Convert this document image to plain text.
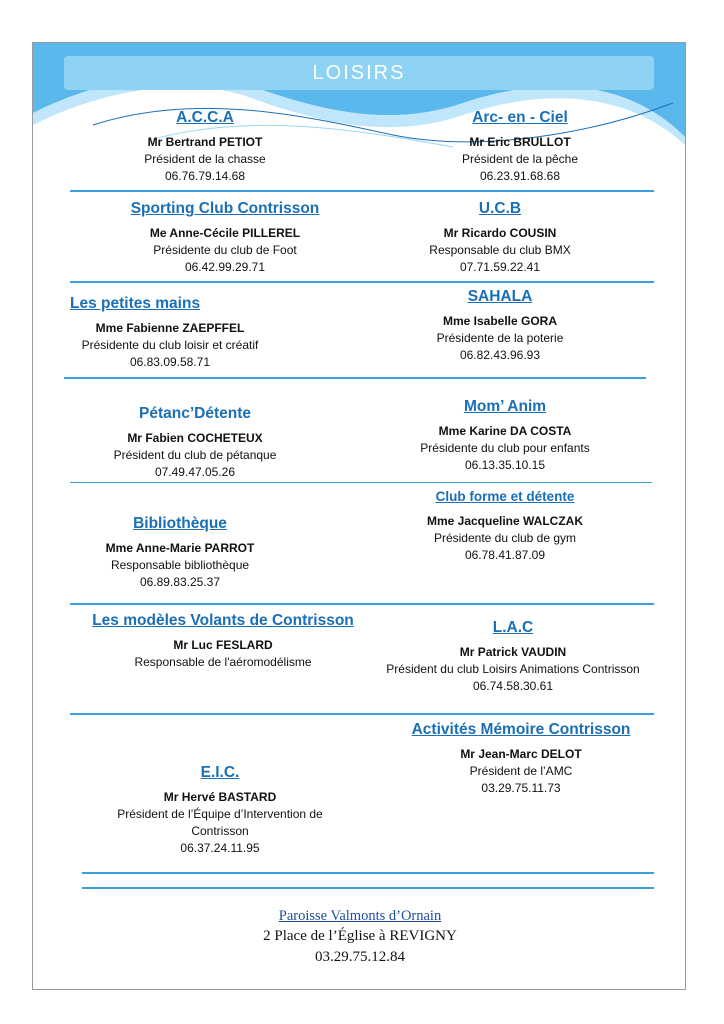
LOISIRS
A.C.C.A
Mr Bertrand PETIOT
Président de la chasse
06.76.79.14.68
Arc- en - Ciel
Mr Eric BRULLOT
Président de la pêche
06.23.91.68.68
Sporting Club Contrisson
Me Anne-Cécile PILLEREL
Présidente du club de Foot
06.42.99.29.71
U.C.B
Mr Ricardo COUSIN
Responsable du club BMX
07.71.59.22.41
Les petites mains
Mme Fabienne ZAEPFFEL
Présidente du club loisir et créatif
06.83.09.58.71
SAHALA
Mme Isabelle GORA
Présidente de la poterie
06.82.43.96.93
Pétanc’Détente
Mr Fabien COCHETEUX
Président du club de pétanque
07.49.47.05.26
Mom’ Anim
Mme Karine DA COSTA
Présidente du club pour enfants
06.13.35.10.15
Club forme et détente
Mme Jacqueline WALCZAK
Présidente du club de gym
06.78.41.87.09
Bibliothèque
Mme Anne-Marie PARROT
Responsable bibliothèque
06.89.83.25.37
Les modèles Volants de Contrisson
Mr Luc FESLARD
Responsable de l'aéromodélisme
L.A.C
Mr Patrick VAUDIN
Président du club Loisirs Animations Contrisson
06.74.58.30.61
Activités Mémoire Contrisson
Mr Jean-Marc DELOT
Président de l’AMC
03.29.75.11.73
E.I.C.
Mr Hervé BASTARD
Président de l’Équipe d’Intervention de
Contrisson
06.37.24.11.95
Paroisse Valmonts d’Ornain
2 Place de l’Église à REVIGNY
03.29.75.12.84
